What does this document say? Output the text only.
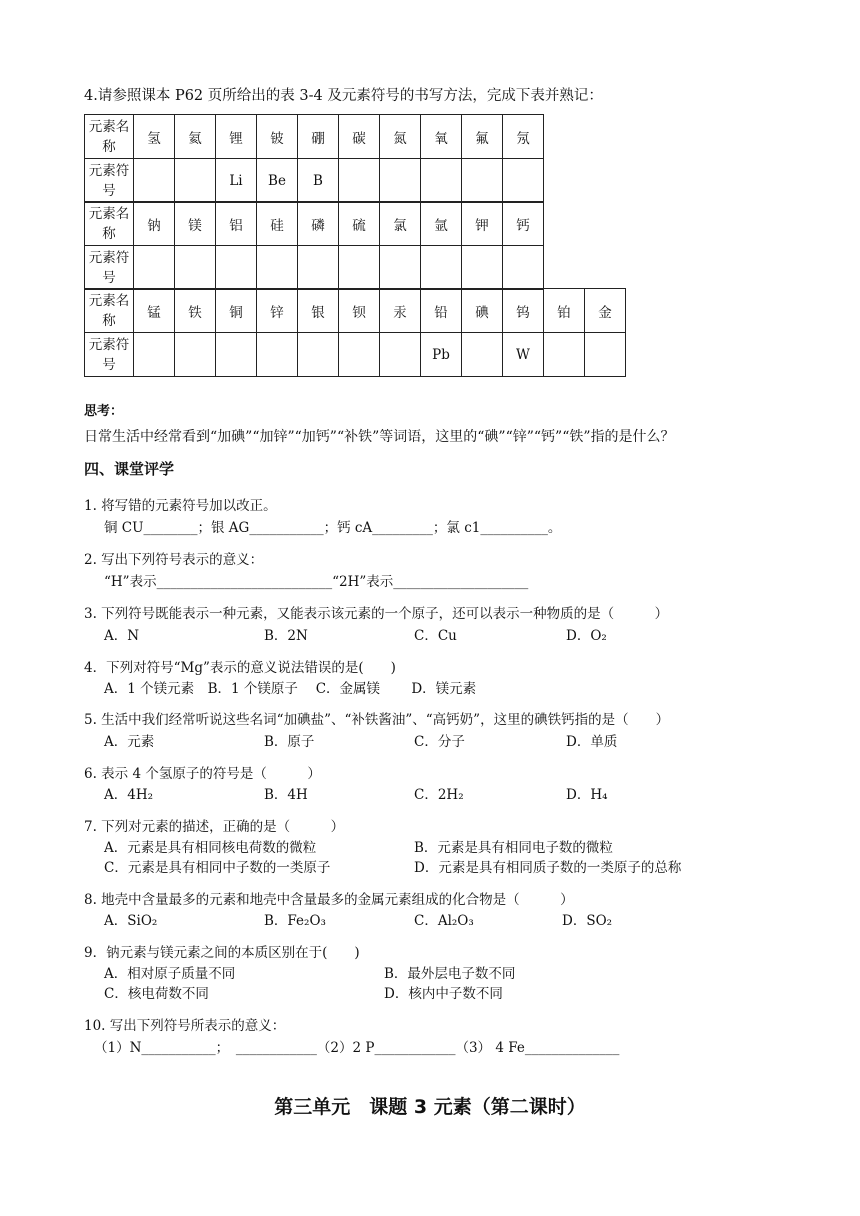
4.请参照课本 P62 页所给出的表 3-4 及元素符号的书写方法，完成下表并熟记：
元素名称	氢	氦	锂	铍	硼	碳	氮	氧	氟	氖
元素符号			Li	Be	B					
元素名称	钠	镁	铝	硅	磷	硫	氯	氩	钾	钙
元素符号										
元素名称	锰	铁	铜	锌	银	钡	汞	铅	碘	钨	铂	金
元素符号								Pb		W		
思考：
日常生活中经常看到“加碘”“加锌”“加钙”“补铁”等词语，这里的“碘”“锌”“钙”“铁”指的是什么？
四、课堂评学
1. 将写错的元素符号加以改正。
铜 CU________；银 AG___________；钙 cA_________；氯 c1__________。
2. 写出下列符号表示的意义：
“H”表示__________________________“2H”表示____________________
3. 下列符号既能表示一种元素，又能表示该元素的一个原子，还可以表示一种物质的是（　　　）
A．N	B．2N	C．Cu	D．O₂
4．下列对符号“Mg”表示的意义说法错误的是(　　)
A．1 个镁元素　B．1 个镁原子　 C．金属镁　　 D．镁元素
5. 生活中我们经常听说这些名词“加碘盐”、“补铁酱油”、“高钙奶”，这里的碘铁钙指的是（　　）
A．元素	B．原子	C．分子	D．单质
6. 表示 4 个氢原子的符号是（　　　）
A．4H₂	B．4H	C．2H₂	D．H₄
7. 下列对元素的描述，正确的是（　　　）
A．元素是具有相同核电荷数的微粒	B．元素是具有相同电子数的微粒
C．元素是具有相同中子数的一类原子	D．元素是具有相同质子数的一类原子的总称
8. 地壳中含量最多的元素和地壳中含量最多的金属元素组成的化合物是（　　　）
A．SiO₂	B．Fe₂O₃	C．Al₂O₃	D．SO₂
9．钠元素与镁元素之间的本质区别在于(　　)
A．相对原子质量不同	B．最外层电子数不同
C．核电荷数不同	D．核内中子数不同
10. 写出下列符号所表示的意义：
（1）N___________；　____________（2）2 P____________（3） 4 Fe______________
第三单元　课题 3 元素（第二课时）
